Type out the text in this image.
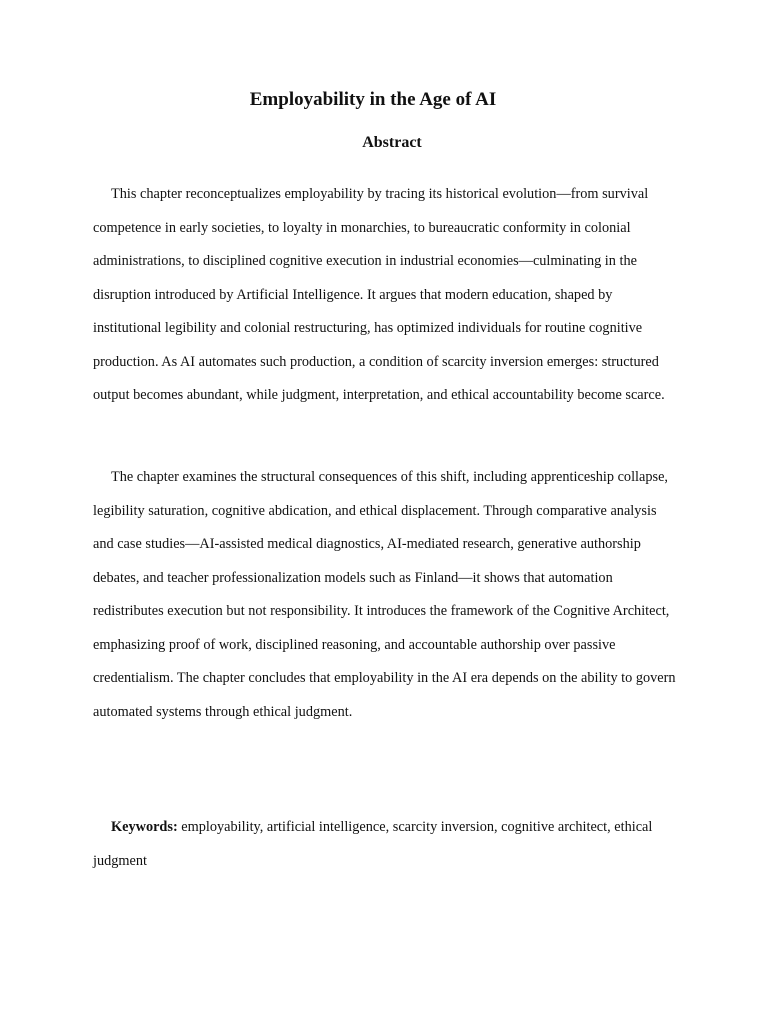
Employability in the Age of AI
Abstract

This chapter reconceptualizes employability by tracing its historical evolution—from survival competence in early societies, to loyalty in monarchies, to bureaucratic conformity in colonial administrations, to disciplined cognitive execution in industrial economies—culminating in the disruption introduced by Artificial Intelligence. It argues that modern education, shaped by institutional legibility and colonial restructuring, has optimized individuals for routine cognitive production. As AI automates such production, a condition of scarcity inversion emerges: structured output becomes abundant, while judgment, interpretation, and ethical accountability become scarce.

The chapter examines the structural consequences of this shift, including apprenticeship collapse, legibility saturation, cognitive abdication, and ethical displacement. Through comparative analysis and case studies—AI-assisted medical diagnostics, AI-mediated research, generative authorship debates, and teacher professionalization models such as Finland—it shows that automation redistributes execution but not responsibility. It introduces the framework of the Cognitive Architect, emphasizing proof of work, disciplined reasoning, and accountable authorship over passive credentialism. The chapter concludes that employability in the AI era depends on the ability to govern automated systems through ethical judgment.

Keywords: employability, artificial intelligence, scarcity inversion, cognitive architect, ethical judgment
